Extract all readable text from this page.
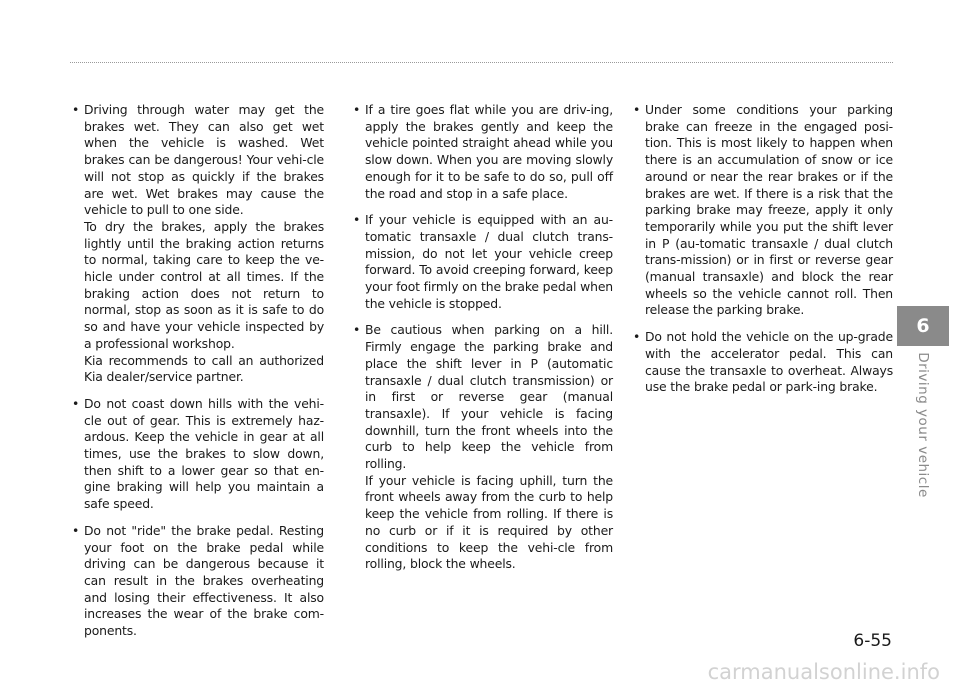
• Driving through water may get the brakes wet. They can also get wet when the vehicle is washed. Wet brakes can be dangerous! Your vehi-cle will not stop as quickly if the brakes are wet. Wet brakes may cause the vehicle to pull to one side.
To dry the brakes, apply the brakes lightly until the braking action returns to normal, taking care to keep the ve-hicle under control at all times. If the braking action does not return to normal, stop as soon as it is safe to do so and have your vehicle inspected by a professional workshop.
Kia recommends to call an authorized Kia dealer/service partner.
• Do not coast down hills with the vehi-cle out of gear. This is extremely haz-ardous. Keep the vehicle in gear at all times, use the brakes to slow down, then shift to a lower gear so that en-gine braking will help you maintain a safe speed.
• Do not "ride" the brake pedal. Resting your foot on the brake pedal while driving can be dangerous because it can result in the brakes overheating and losing their effectiveness. It also increases the wear of the brake com-ponents.
• If a tire goes flat while you are driv-ing, apply the brakes gently and keep the vehicle pointed straight ahead while you slow down. When you are moving slowly enough for it to be safe to do so, pull off the road and stop in a safe place.
• If your vehicle is equipped with an au-tomatic transaxle / dual clutch trans-mission, do not let your vehicle creep forward. To avoid creeping forward, keep your foot firmly on the brake pedal when the vehicle is stopped.
• Be cautious when parking on a hill. Firmly engage the parking brake and place the shift lever in P (automatic transaxle / dual clutch transmission) or in first or reverse gear (manual transaxle). If your vehicle is facing downhill, turn the front wheels into the curb to help keep the vehicle from rolling.
If your vehicle is facing uphill, turn the front wheels away from the curb to help keep the vehicle from rolling. If there is no curb or if it is required by other conditions to keep the vehi-cle from rolling, block the wheels.
• Under some conditions your parking brake can freeze in the engaged posi-tion. This is most likely to happen when there is an accumulation of snow or ice around or near the rear brakes or if the brakes are wet. If there is a risk that the parking brake may freeze, apply it only temporarily while you put the shift lever in P (au-tomatic transaxle / dual clutch trans-mission) or in first or reverse gear (manual transaxle) and block the rear wheels so the vehicle cannot roll. Then release the parking brake.
• Do not hold the vehicle on the up-grade with the accelerator pedal. This can cause the transaxle to overheat. Always use the brake pedal or park-ing brake.
6
Driving your vehicle
6-55
carmanualsonline.info
